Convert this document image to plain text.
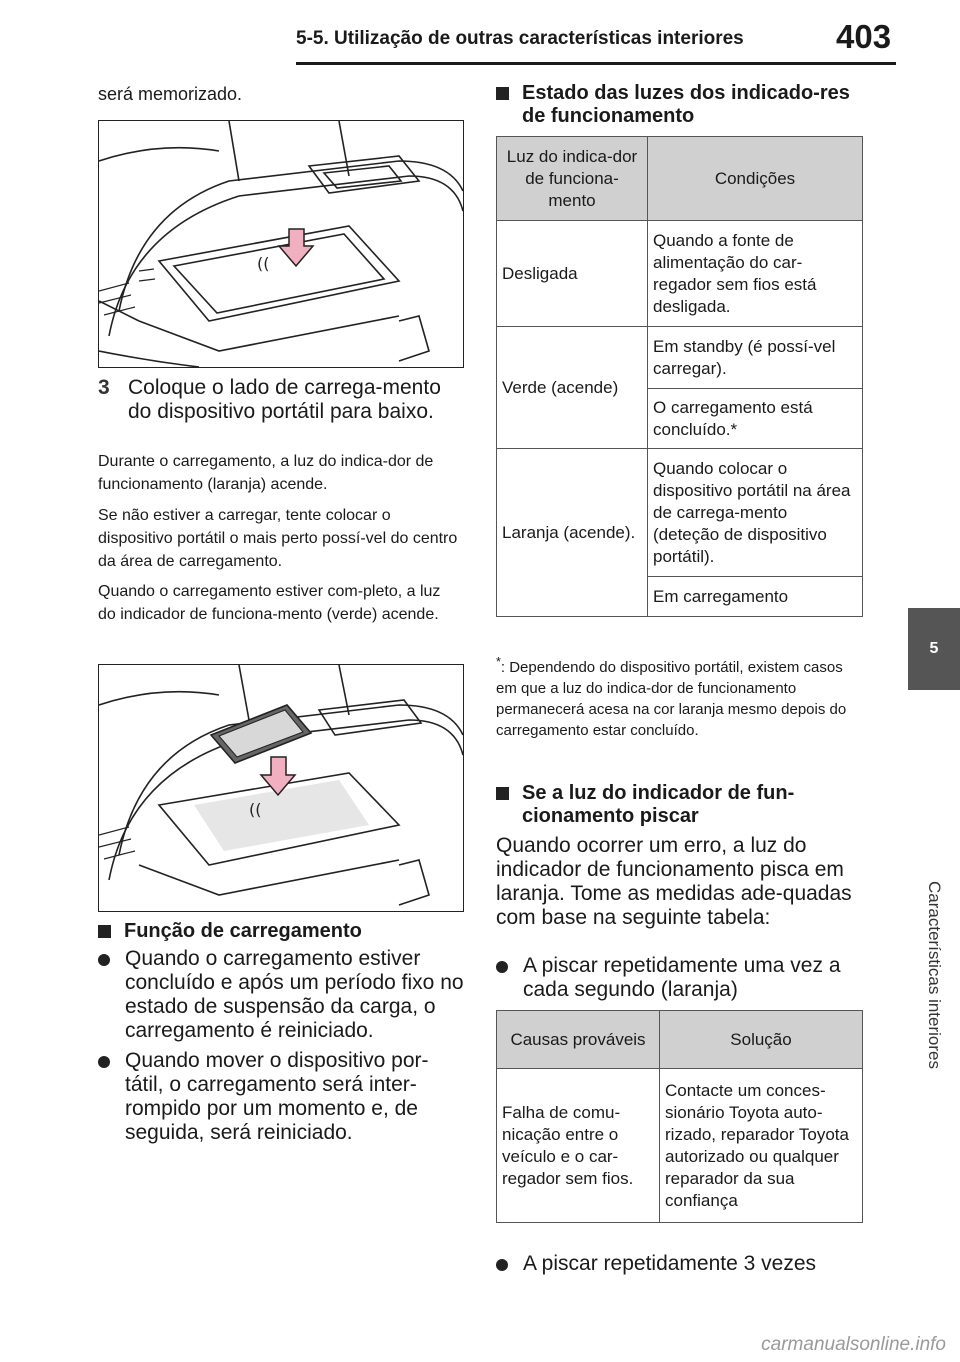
5-5. Utilização de outras características interiores	403
5
Características interiores
será memorizado.
((
3 Coloque o lado de carrega-mento do dispositivo portátil para baixo.
Durante o carregamento, a luz do indica-dor de funcionamento (laranja) acende.
Se não estiver a carregar, tente colocar o dispositivo portátil o mais perto possí-vel do centro da área de carregamento.
Quando o carregamento estiver com-pleto, a luz do indicador de funciona-mento (verde) acende.
((
Função de carregamento
Quando o carregamento estiver concluído e após um período fixo no estado de suspensão da carga, o carregamento é reiniciado.
Quando mover o dispositivo por-tátil, o carregamento será inter-rompido por um momento e, de seguida, será reiniciado.
Estado das luzes dos indicado-res de funcionamento
Luz do indica-dor de funciona-mento	Condições
Desligada	Quando a fonte de alimentação do car-regador sem fios está desligada.
Verde (acende)	Em standby (é possí-vel carregar).
	O carregamento está concluído.*
Laranja (acende).	Quando colocar o dispositivo portátil na área de carrega-mento (deteção de dispositivo portátil).
	Em carregamento
*: Dependendo do dispositivo portátil, existem casos em que a luz do indica-dor de funcionamento permanecerá acesa na cor laranja mesmo depois do carregamento estar concluído.
Se a luz do indicador de fun-cionamento piscar
Quando ocorrer um erro, a luz do indicador de funcionamento pisca em laranja. Tome as medidas ade-quadas com base na seguinte tabela:
A piscar repetidamente uma vez a cada segundo (laranja)
Causas prováveis	Solução
Falha de comu-nicação entre o veículo e o car-regador sem fios.	Contacte um conces-sionário Toyota auto-rizado, reparador Toyota autorizado ou qualquer reparador da sua confiança
A piscar repetidamente 3 vezes
carmanualsonline.info
